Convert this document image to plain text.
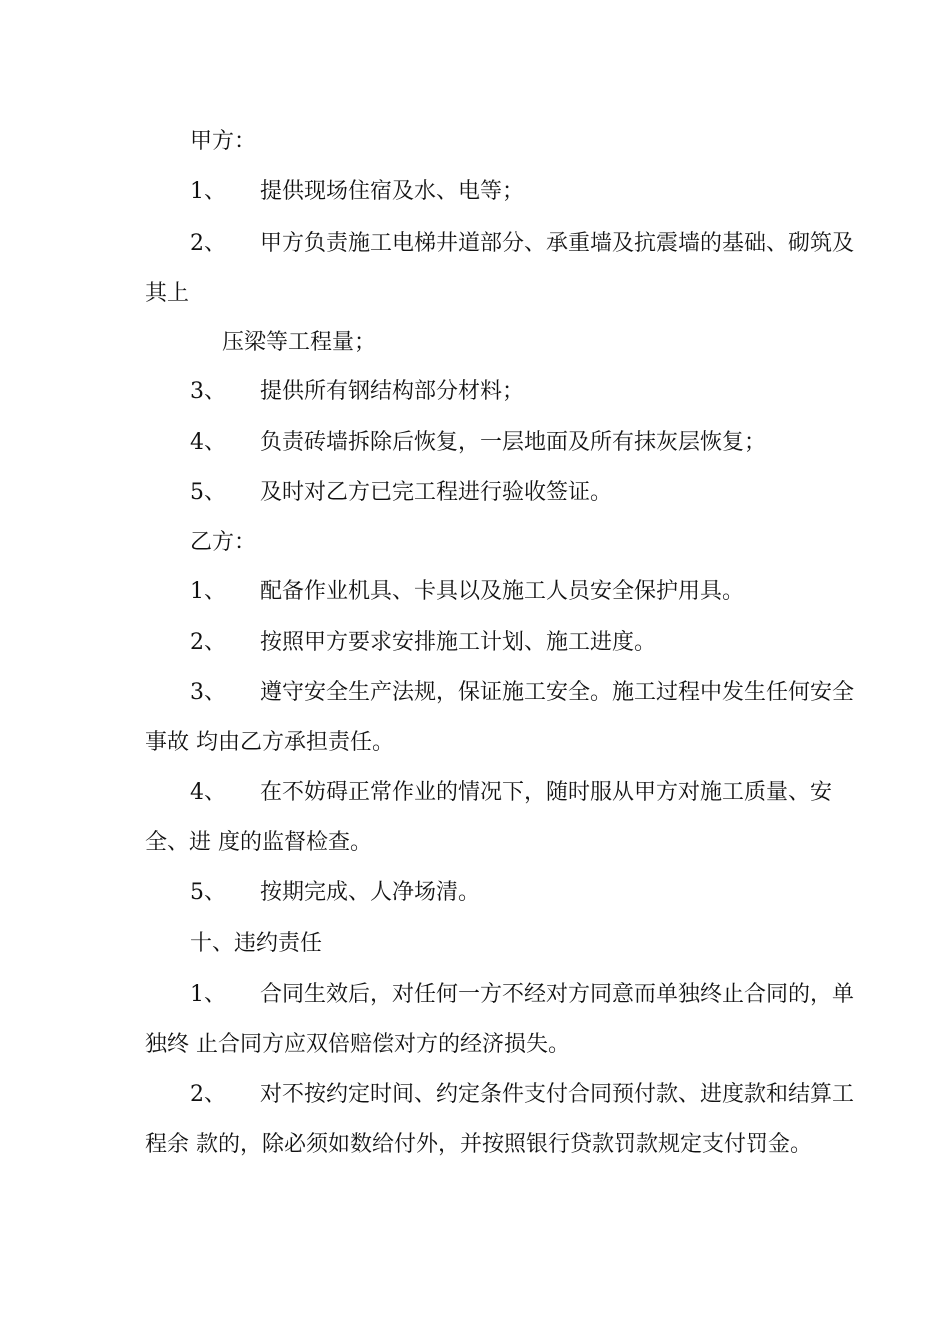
甲方：
1、 提供现场住宿及水、电等；
2、 甲方负责施工电梯井道部分、承重墙及抗震墙的基础、砌筑及
其上
压梁等工程量；
3、 提供所有钢结构部分材料；
4、 负责砖墙拆除后恢复，一层地面及所有抹灰层恢复；
5、 及时对乙方已完工程进行验收签证。
乙方：
1、 配备作业机具、卡具以及施工人员安全保护用具。
2、 按照甲方要求安排施工计划、施工进度。
3、 遵守安全生产法规，保证施工安全。施工过程中发生任何安全
事故 均由乙方承担责任。
4、 在不妨碍正常作业的情况下，随时服从甲方对施工质量、安
全、进 度的监督检查。
5、 按期完成、人净场清。
十、违约责任
1、 合同生效后，对任何一方不经对方同意而单独终止合同的，单
独终 止合同方应双倍赔偿对方的经济损失。
2、 对不按约定时间、约定条件支付合同预付款、进度款和结算工
程余 款的，除必须如数给付外，并按照银行贷款罚款规定支付罚金。
